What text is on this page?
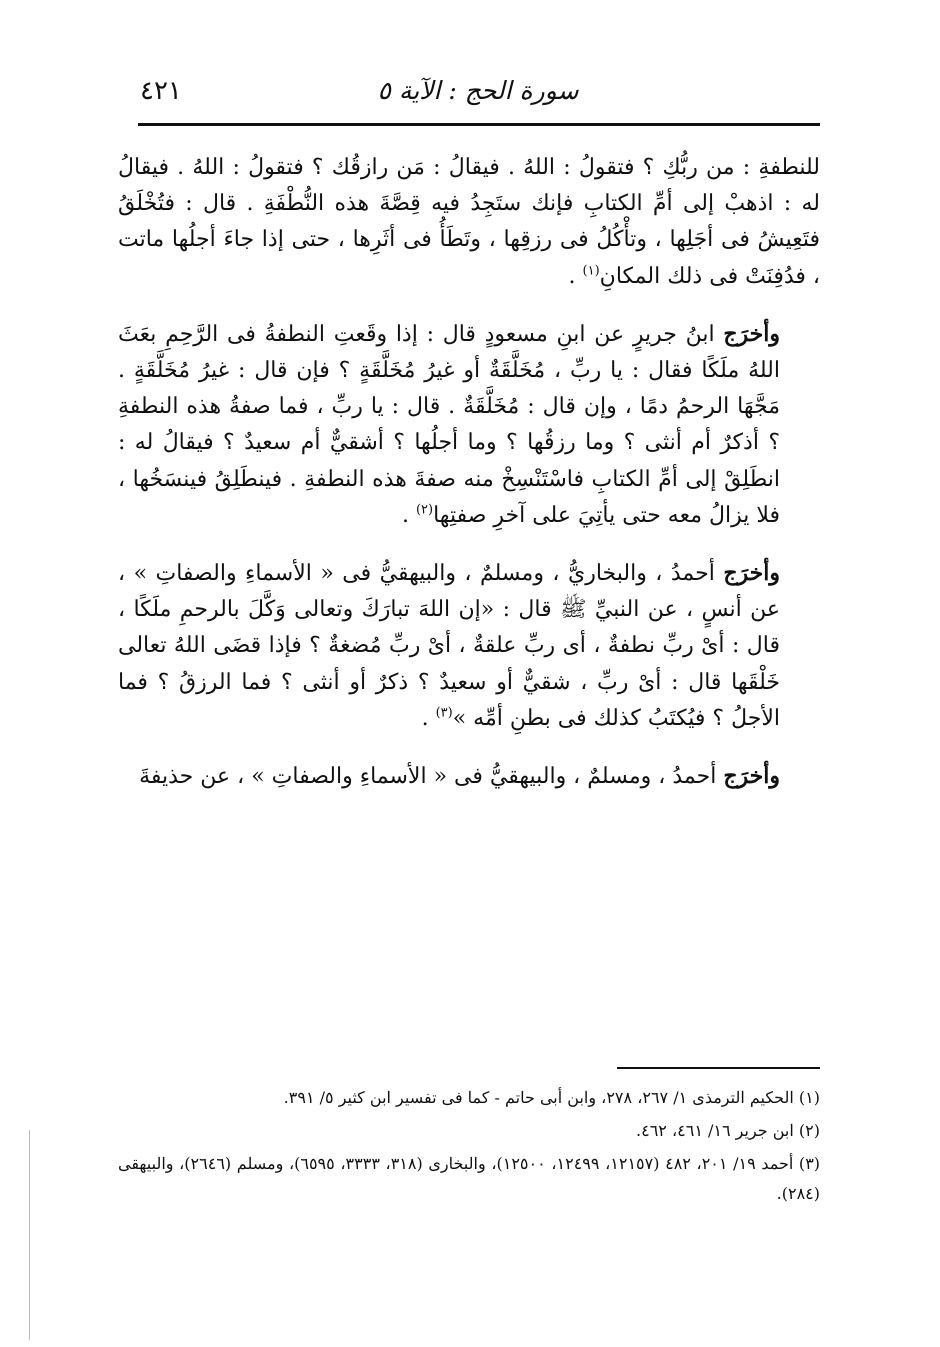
٤٢١	سورة الحج : الآية ٥

للنطفةِ : من ربُّكِ ؟ فتقولُ : اللهُ . فيقالُ : مَن رازقُك ؟ فتقولُ : اللهُ . فيقالُ له : اذهبْ إلى أمِّ الكتابِ فإنك ستَجِدُ فيه قِصَّةَ هذه النُّطْفَةِ . قال : فتُخْلَقُ فتَعِيشُ فى أجَلِها ، وتأْكُلُ فى رزقِها ، وتَطَأُ فى أثَرِها ، حتى إذا جاءَ أجلُها ماتت ، فدُفِنَتْ فى ذلك المكانِ$^{(١)}$ .

وأخرَج ابنُ جريرٍ عن ابنِ مسعودٍ قال : إذا وقَعتِ النطفةُ فى الرَّحِمِ بعَثَ اللهُ ملَكًا فقال : يا ربِّ ، مُخَلَّقَةٌ أو غيرُ مُخَلَّقَةٍ ؟ فإن قال : غيرُ مُخَلَّقَةٍ . مَجَّهَا الرحمُ دمًا ، وإن قال : مُخَلَّقَةٌ . قال : يا ربِّ ، فما صفةُ هذه النطفةِ ؟ أذكرٌ أم أنثى ؟ وما رزقُها ؟ وما أجلُها ؟ أشقيٌّ أم سعيدٌ ؟ فيقالُ له : انطَلِقْ إلى أمِّ الكتابِ فاسْتَنْسِخْ منه صفةَ هذه النطفةِ . فينطَلِقُ فينسَخُها ، فلا يزالُ معه حتى يأتِيَ على آخرِ صفتِها$^{(٢)}$ .

وأخرَج أحمدُ ، والبخاريُّ ، ومسلمٌ ، والبيهقيُّ فى « الأسماءِ والصفاتِ » ، عن أنسٍ ، عن النبيِّ ﷺ قال : «إن اللهَ تبارَكَ وتعالى وَكَّلَ بالرحمِ ملَكًا ، قال : أىْ ربِّ نطفةٌ ، أى ربِّ علقةٌ ، أىْ ربِّ مُضغةٌ ؟ فإذا قضَى اللهُ تعالى خَلْقَها قال : أىْ ربِّ ، شقيٌّ أو سعيدٌ ؟ ذكرٌ أو أنثى ؟ فما الرزقُ ؟ فما الأجلُ ؟ فيُكتَبُ كذلك فى بطنِ أمِّه »$^{(٣)}$ .

وأخرَج أحمدُ ، ومسلمٌ ، والبيهقيُّ فى « الأسماءِ والصفاتِ » ، عن حذيفةَ

(١) الحكيم الترمذى ١/ ٢٦٧، ٢٧٨، وابن أبى حاتم - كما فى تفسير ابن كثير ٥/ ٣٩١.

(٢) ابن جرير ١٦/ ٤٦١، ٤٦٢.

(٣) أحمد ١٩/ ٢٠١، ٤٨٢ (١٢١٥٧، ١٢٤٩٩، ١٢٥٠٠)، والبخارى (٣١٨، ٣٣٣٣، ٦٥٩٥)، ومسلم (٢٦٤٦)، والبيهقى (٢٨٤).
